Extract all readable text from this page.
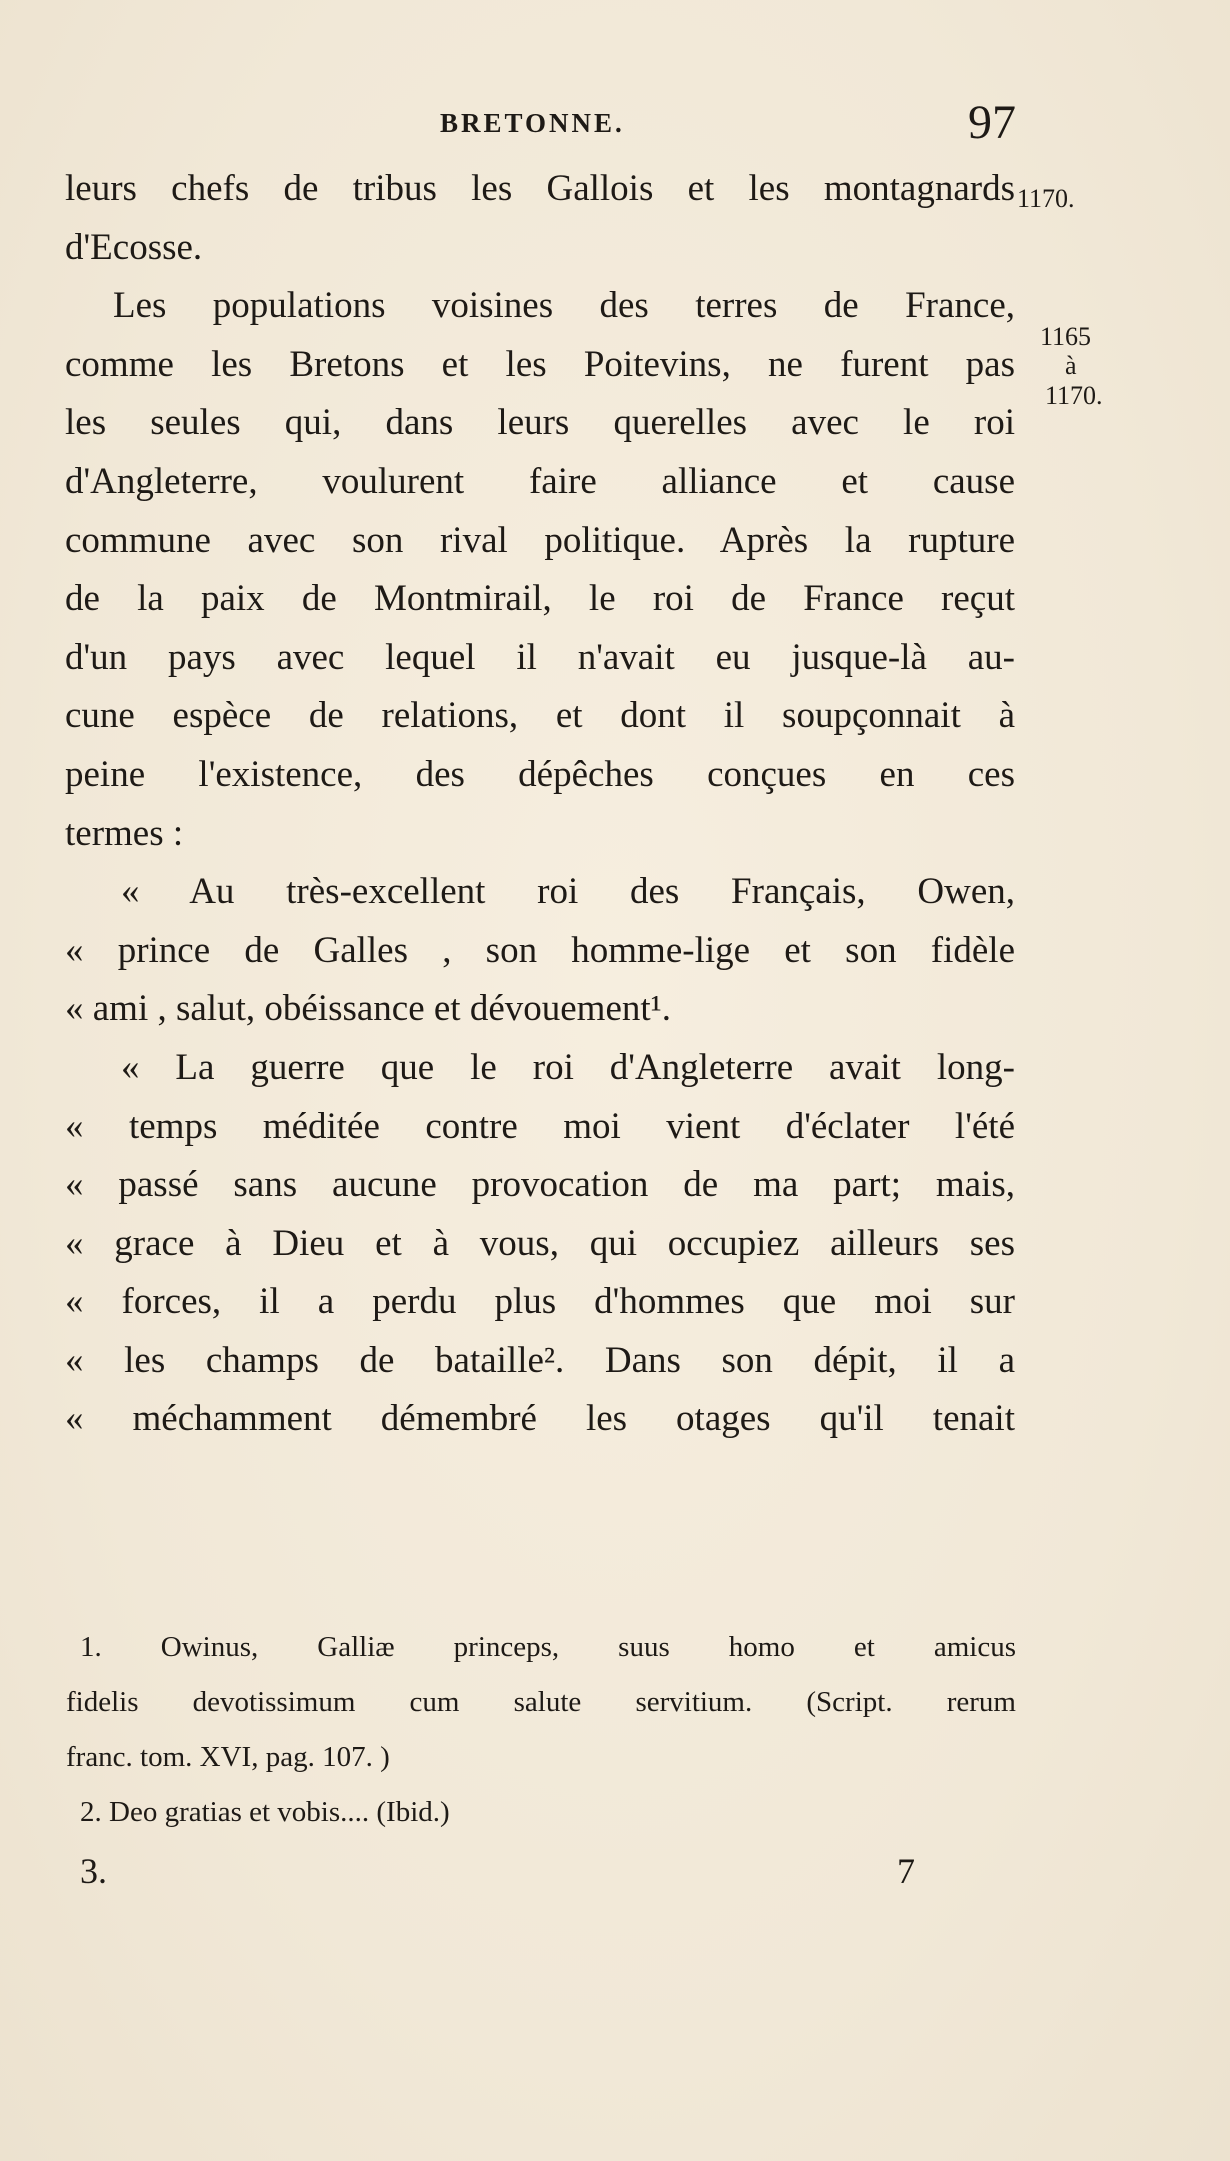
BRETONNE.	97
1170.
1165
à
1170.
leurs chefs de tribus les Gallois et les montagnards
d'Ecosse.
Les populations voisines des terres de France,
comme les Bretons et les Poitevins, ne furent pas
les seules qui, dans leurs querelles avec le roi
d'Angleterre, voulurent faire alliance et cause
commune avec son rival politique. Après la rupture
de la paix de Montmirail, le roi de France reçut
d'un pays avec lequel il n'avait eu jusque-là au-
cune espèce de relations, et dont il soupçonnait à
peine l'existence, des dépêches conçues en ces
termes :
« Au très-excellent roi des Français, Owen,
« prince de Galles , son homme-lige et son fidèle
« ami , salut, obéissance et dévouement¹.
« La guerre que le roi d'Angleterre avait long-
« temps méditée contre moi vient d'éclater l'été
« passé sans aucune provocation de ma part; mais,
« grace à Dieu et à vous, qui occupiez ailleurs ses
« forces, il a perdu plus d'hommes que moi sur
« les champs de bataille². Dans son dépit, il a
« méchamment démembré les otages qu'il tenait
1. Owinus, Galliæ princeps, suus homo et amicus
fidelis devotissimum cum salute servitium. (Script. rerum
franc. tom. XVI, pag. 107. )
2. Deo gratias et vobis.... (Ibid.)
3.	7
